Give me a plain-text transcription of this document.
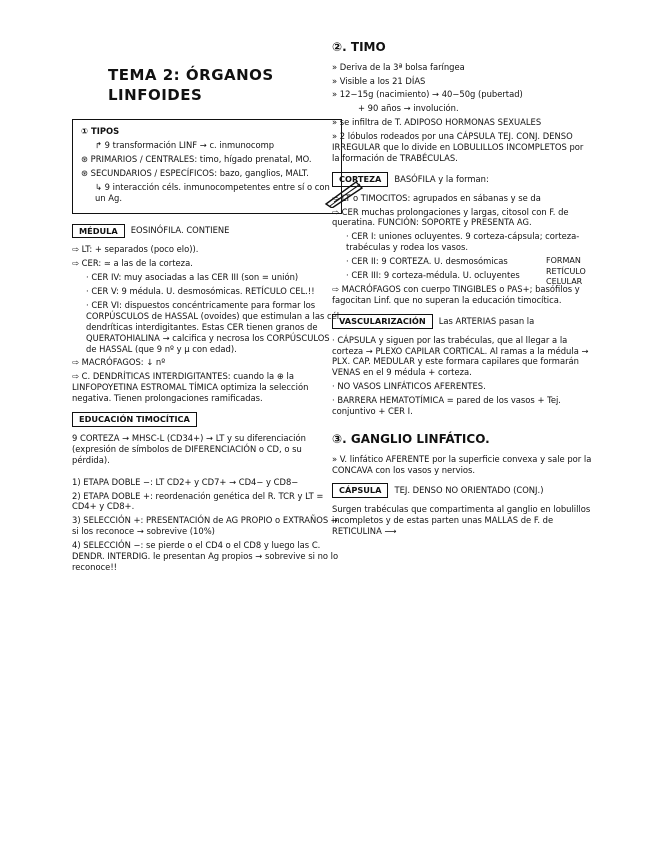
TEMA 2: ÓRGANOS LINFOIDES
① TIPOS
↱ 9 transformación LINF → c. inmunocomp
⊛ PRIMARIOS / CENTRALES: timo, hígado prenatal, MO.
⊛ SECUNDARIOS / ESPECÍFICOS: bazo, ganglios, MALT.
↳ 9 interacción céls. inmunocompetentes entre sí o con un Ag.
MÉDULA	EOSINÓFILA. CONTIENE
⇨ LT: + separados (poco elo)).
⇨ CER: ≃ a las de la corteza.
· CER IV: muy asociadas a las CER III (son = unión)
· CER V: 9 médula. U. desmosómicas. RETÍCULO CEL.!!
· CER VI: dispuestos concéntricamente para formar los CORPÚSCULOS de HASSAL (ovoides) que estimulan a las cél. dendríticas interdigitantes. Estas CER tienen granos de QUERATOHIALINA → calcifica y necrosa los CORPÚSCULOS de HASSAL (que 9 nº y μ con edad).
⇨ MACRÓFAGOS: ↓ nº
⇨ C. DENDRÍTICAS INTERDIGITANTES: cuando la ⊕ la LINFOPOYETINA ESTROMAL TÍMICA optimiza la selección negativa. Tienen prolongaciones ramificadas.
EDUCACIÓN TIMOCÍTICA
9 CORTEZA → MHSC-L (CD34+) → LT y su diferenciación (expresión de símbolos de DIFERENCIACIÓN o CD, o su pérdida).
1) ETAPA DOBLE −: LT CD2+ y CD7+ → CD4− y CD8−
2) ETAPA DOBLE +: reordenación genética del R. TCR y LT = CD4+ y CD8+.
3) SELECCIÓN +: PRESENTACIÓN de AG PROPIO o EXTRAÑOS → si los reconoce → sobrevive (10%)
4) SELECCIÓN −: se pierde o el CD4 o el CD8 y luego las C. DENDR. INTERDIG. le presentan Ag propios → sobrevive si no lo reconoce!!
②. TIMO
» Deriva de la 3ª bolsa faríngea
» Visible a los 21 DÍAS
» 12−15g (nacimiento) → 40−50g (pubertad)
+ 90 años → involución.
» se infiltra de T. ADIPOSO HORMONAS SEXUALES
» 2 lóbulos rodeados por una CÁPSULA TEJ. CONJ. DENSO IRREGULAR que lo divide en LOBULILLOS INCOMPLETOS por la formación de TRABÉCULAS.
CORTEZA	BASÓFILA y la forman:
⇨ LT o TIMOCITOS: agrupados en sábanas y se da
⇨ CER muchas prolongaciones y largas, citosol con F. de queratina. FUNCIÓN: SOPORTE y PRESENTA AG.
· CER I: uniones ocluyentes. 9 corteza-cápsula; corteza-trabéculas y rodea los vasos.
· CER II: 9 CORTEZA. U. desmosómicas
· CER III: 9 corteza-médula. U. ocluyentes
FORMAN RETÍCULO CELULAR
⇨ MACRÓFAGOS con cuerpo TINGIBLES o PAS+; basófilos y fagocitan Linf. que no superan la educación timocítica.
VASCULARIZACIÓN	Las ARTERIAS pasan la
· CÁPSULA y siguen por las trabéculas, que al llegar a la corteza → PLEXO CAPILAR CORTICAL. Al ramas a la médula → PLX. CAP. MEDULAR y este formara capilares que formarán VENAS en el 9 médula + corteza.
· NO VASOS LINFÁTICOS AFERENTES.
· BARRERA HEMATOTÍMICA = pared de los vasos + Tej. conjuntivo + CER I.
③. GANGLIO LINFÁTICO.
» V. linfático AFERENTE por la superficie convexa y sale por la CONCAVA con los vasos y nervios.
CÁPSULA	TEJ. DENSO NO ORIENTADO (CONJ.)
Surgen trabéculas que compartimenta al ganglio en lobulillos incompletos y de estas parten unas MALLAS de F. de RETICULINA ⟶
